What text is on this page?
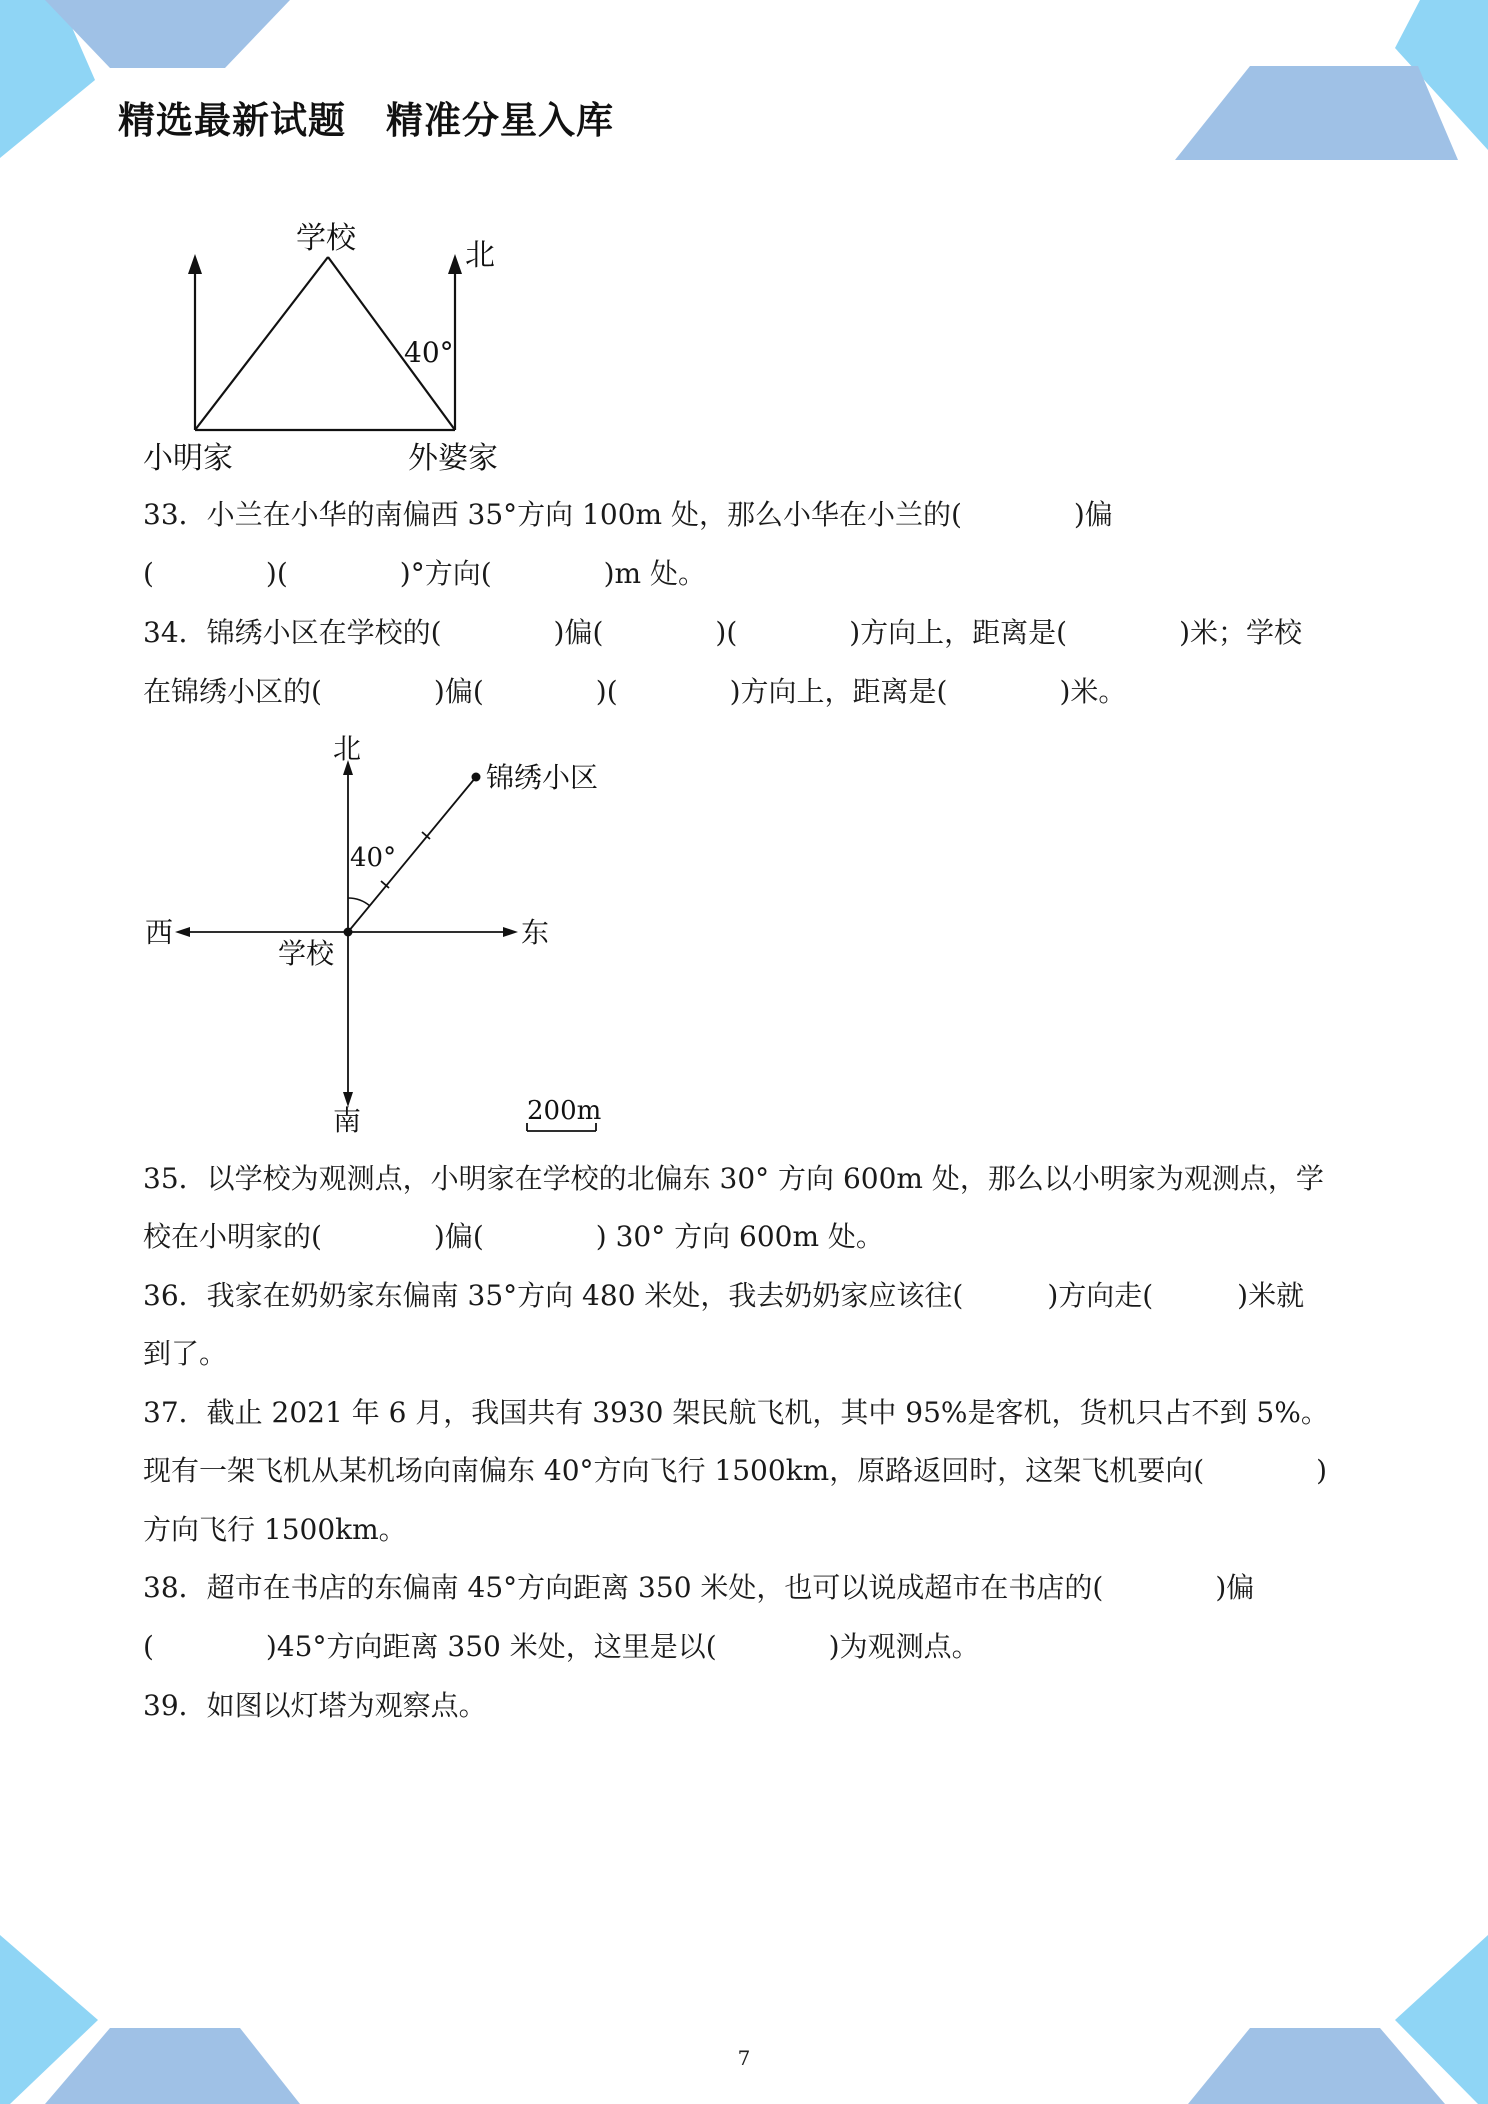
精选最新试题 精准分星入库
学校	北
40°
小明家	外婆家
33．小兰在小华的南偏西 35°方向 100m 处，那么小华在小兰的(　　　　)偏
(　　　　)(　　　　)°方向(　　　　)m 处。
34．锦绣小区在学校的(　　　　)偏(　　　　)(　　　　)方向上，距离是(　　　　)米；学校
在锦绣小区的(　　　　)偏(　　　　)(　　　　)方向上，距离是(　　　　)米。
北
南
东
西
学校
锦绣小区
40°
200m
35．以学校为观测点，小明家在学校的北偏东 30° 方向 600m 处，那么以小明家为观测点，学
校在小明家的(　　　　)偏(　　　　) 30° 方向 600m 处。
36．我家在奶奶家东偏南 35°方向 480 米处，我去奶奶家应该往(　　　)方向走(　　　)米就
到了。
37．截止 2021 年 6 月，我国共有 3930 架民航飞机，其中 95%是客机，货机只占不到 5%。
现有一架飞机从某机场向南偏东 40°方向飞行 1500km，原路返回时，这架飞机要向(　　　　)
方向飞行 1500km。
38．超市在书店的东偏南 45°方向距离 350 米处，也可以说成超市在书店的(　　　　)偏
(　　　　)45°方向距离 350 米处，这里是以(　　　　)为观测点。
39．如图以灯塔为观察点。
7
